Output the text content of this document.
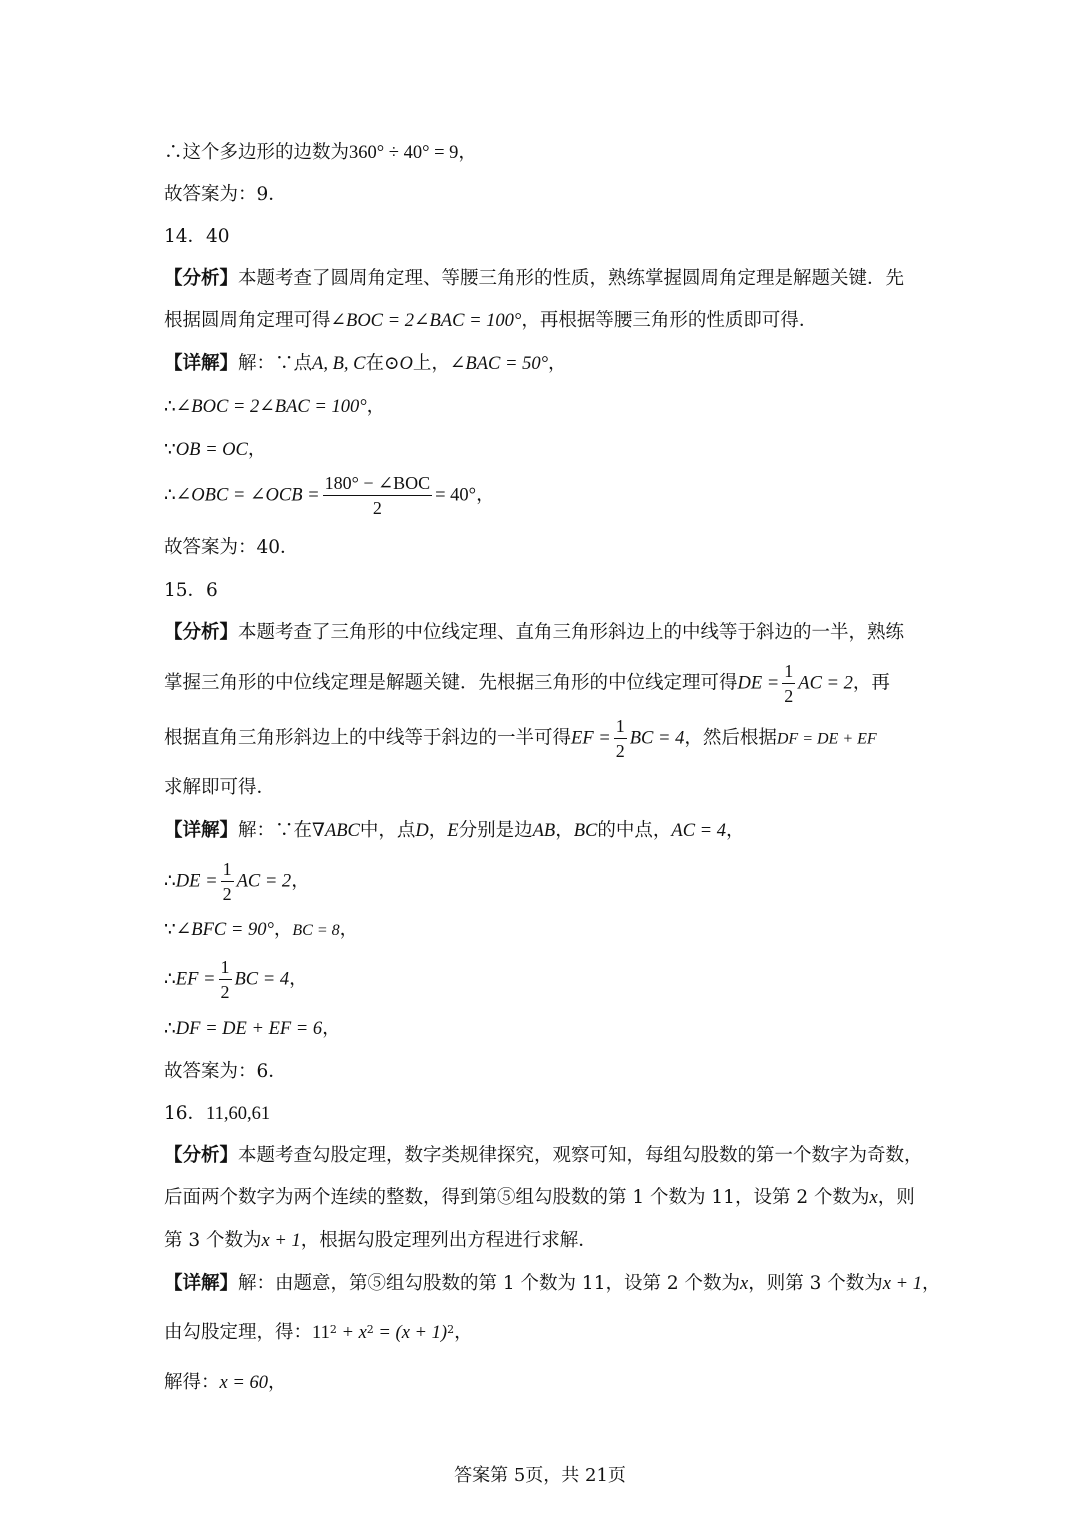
∴这个多边形的边数为360° ÷ 40° = 9，
故答案为：9．
14．40
【分析】本题考查了圆周角定理、等腰三角形的性质，熟练掌握圆周角定理是解题关键．先
根据圆周角定理可得∠BOC = 2∠BAC = 100°，再根据等腰三角形的性质即可得．
【详解】解：∵点A, B, C在⊙O上，∠BAC = 50°，
∴∠BOC = 2∠BAC = 100°，
∵OB = OC，
∴∠OBC = ∠OCB = $\frac{\text{180° − ∠BOC}}{2} = 40^\circ$，
故答案为：40．
15．6
【分析】本题考查了三角形的中位线定理、直角三角形斜边上的中线等于斜边的一半，熟练
掌握三角形的中位线定理是解题关键．先根据三角形的中位线定理可得DE = $\frac{1}{2}$ AC = 2，再
根据直角三角形斜边上的中线等于斜边的一半可得EF = $\frac{1}{2}$ BC = 4，然后根据DF = DE + EF
求解即可得．
【详解】解：∵在∇ABC中，点D，E分别是边AB，BC的中点，AC = 4，
∴DE = $\frac{1}{2}$ AC = 2，
∵∠BFC = 90°，BC = 8，
∴EF = $\frac{1}{2}$ BC = 4，
∴DF = DE + EF = 6，
故答案为：6．
16．11,60,61
【分析】本题考查勾股定理，数字类规律探究，观察可知，每组勾股数的第一个数字为奇数，
后面两个数字为两个连续的整数，得到第⑤组勾股数的第 1 个数为 11，设第 2 个数为x，则
第 3 个数为x + 1，根据勾股定理列出方程进行求解．
【详解】解：由题意，第⑤组勾股数的第 1 个数为 11，设第 2 个数为x，则第 3 个数为x + 1，
由勾股定理，得：$11^2 + x^2 = (x + 1)^2$，
解得：x = 60，
答案第 5页，共 21页
